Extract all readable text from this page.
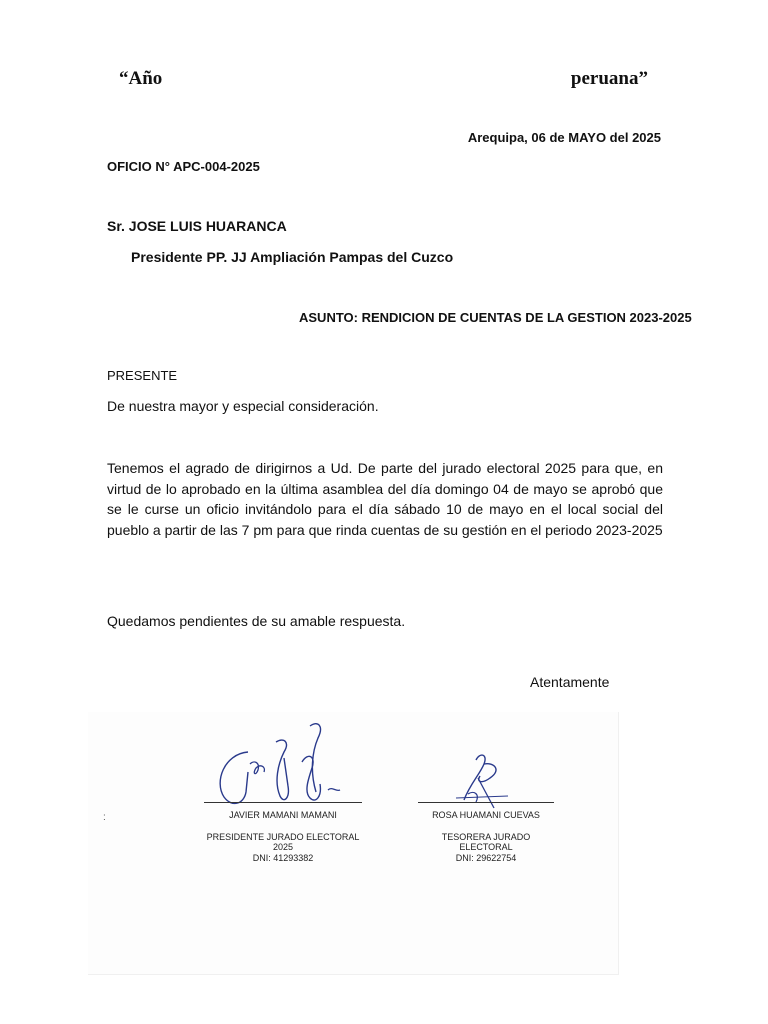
“Año	peruana”
Arequipa, 06 de MAYO del 2025
OFICIO N° APC-004-2025
Sr. JOSE LUIS HUARANCA
Presidente PP. JJ Ampliación Pampas del Cuzco
ASUNTO: RENDICION DE CUENTAS DE LA GESTION 2023-2025
PRESENTE
De nuestra mayor y especial consideración.
Tenemos el agrado de dirigirnos a Ud. De parte del jurado electoral 2025 para que, en virtud de lo aprobado en la última asamblea del día domingo 04 de mayo se aprobó que se le curse un oficio invitándolo para el día sábado 10 de mayo en el local social del pueblo a partir de las 7 pm para que rinda cuentas de su gestión en el periodo 2023-2025
Quedamos pendientes de su amable respuesta.
Atentamente
:	JAVIER MAMANI MAMANI
PRESIDENTE JURADO ELECTORAL 2025
DNI: 41293382
ROSA HUAMANI CUEVAS
TESORERA JURADO ELECTORAL
DNI: 29622754
